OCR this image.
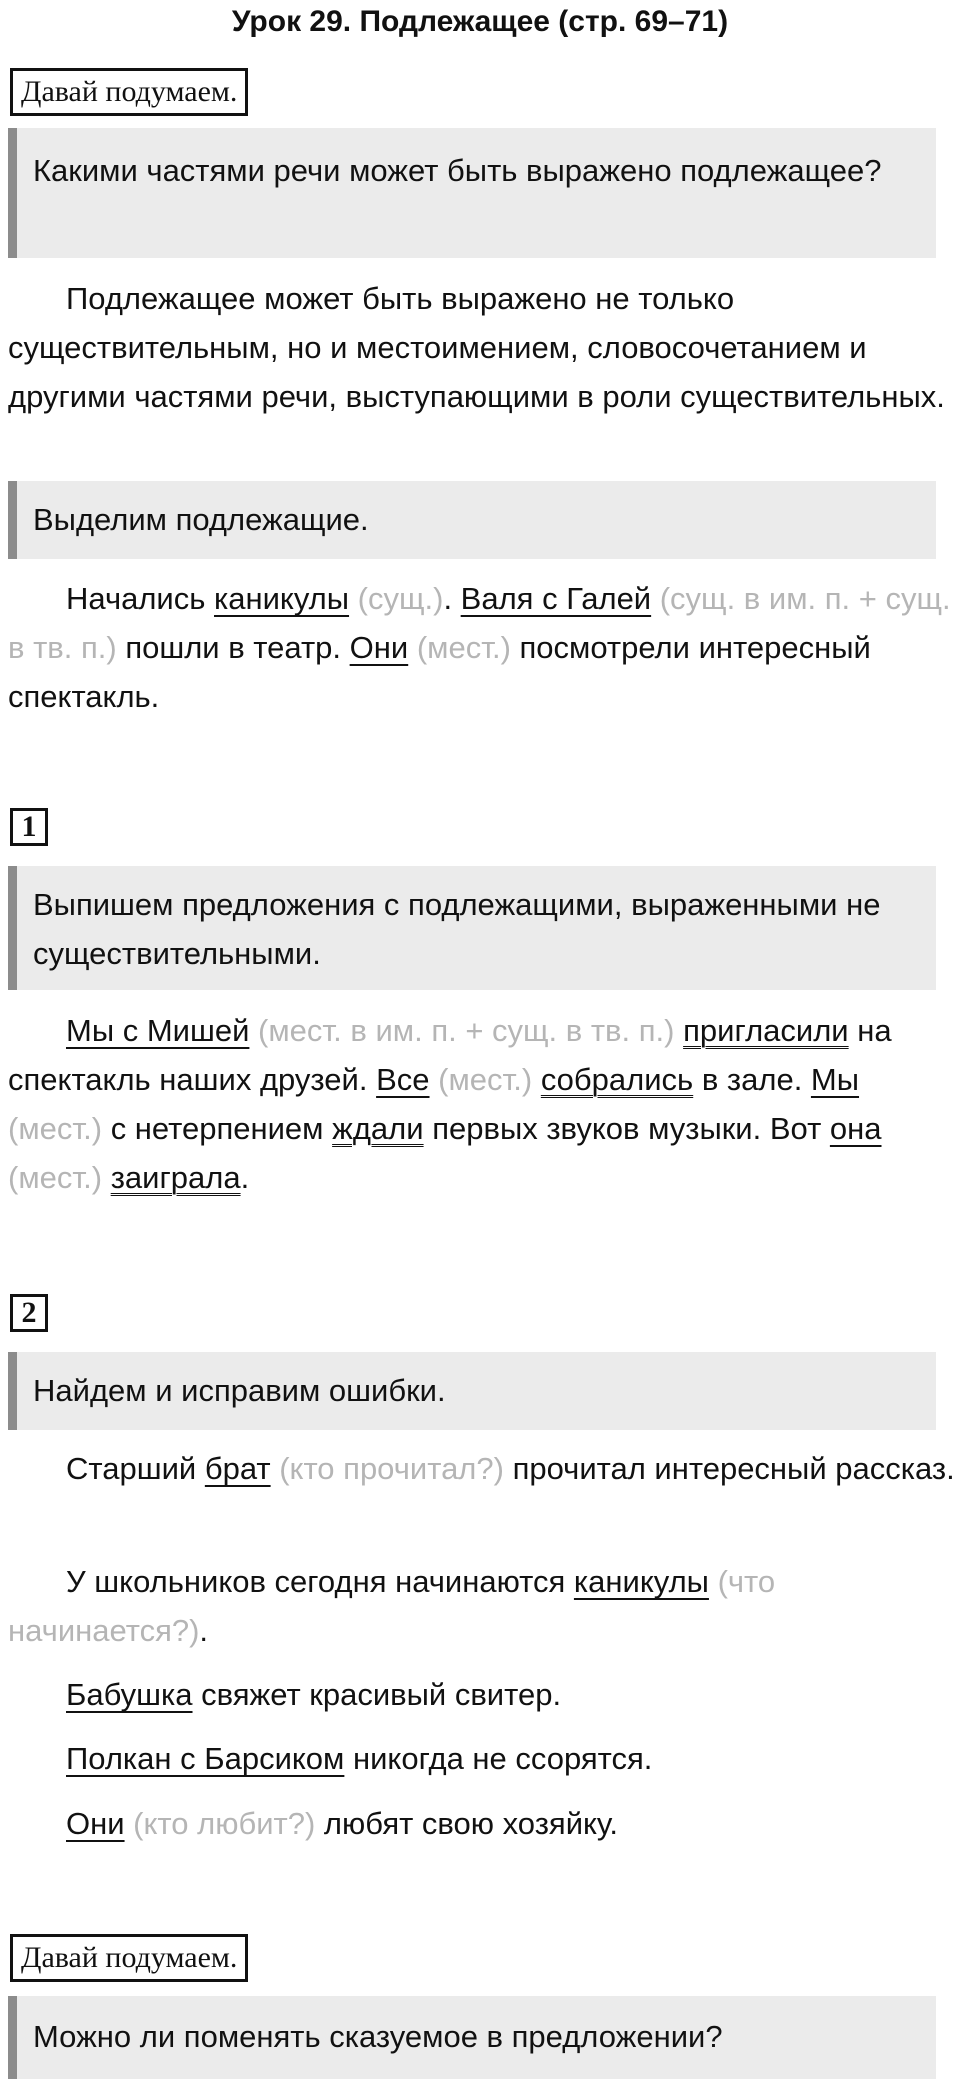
Урок 29. Подлежащее (стр. 69–71)
Давай подумаем.
Какими частями речи может быть выражено подлежащее?
Подлежащее может быть выражено не только существительным, но и местоимением, словосочетанием и другими частями речи, выступающими в роли существительных.
Выделим подлежащие.
Начались каникулы (сущ.). Валя с Галей (сущ. в им. п. + сущ. в тв. п.) пошли в театр. Они (мест.) посмотрели интересный спектакль.
1
Выпишем предложения с подлежащими, выраженными не существительными.
Мы с Мишей (мест. в им. п. + сущ. в тв. п.) пригласили на спектакль наших друзей. Все (мест.) собрались в зале. Мы (мест.) с нетерпением ждали первых звуков музыки. Вот она (мест.) заиграла.
2
Найдем и исправим ошибки.
Старший брат (кто прочитал?) прочитал интересный рассказ.
У школьников сегодня начинаются каникулы (что начинается?).
Бабушка свяжет красивый свитер.
Полкан с Барсиком никогда не ссорятся.
Они (кто любит?) любят свою хозяйку.
Давай подумаем.
Можно ли поменять сказуемое в предложении?
